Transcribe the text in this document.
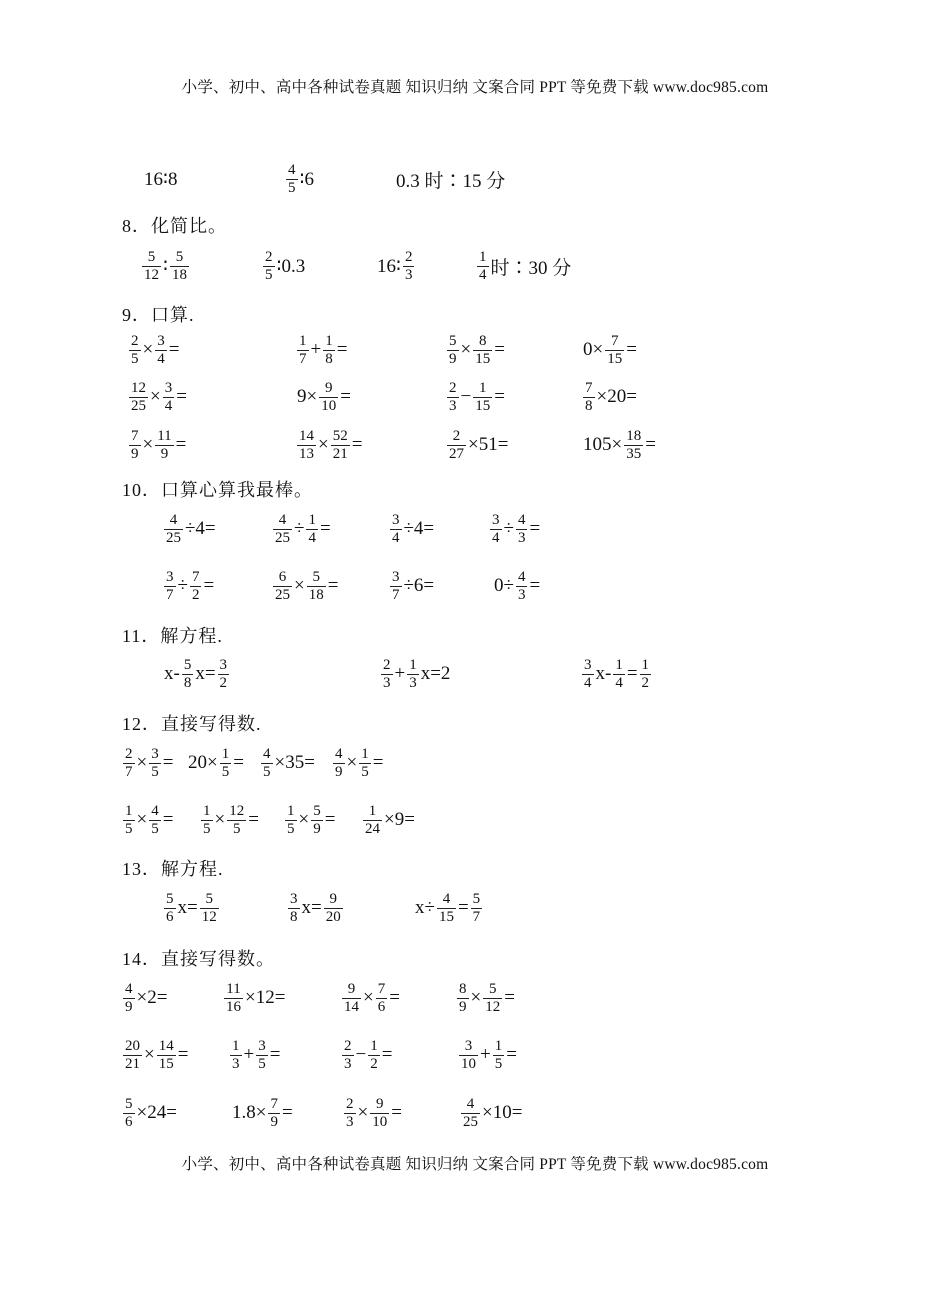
小学、初中、高中各种试卷真题 知识归纳 文案合同 PPT 等免费下载 www.doc985.com
16∶8	$\frac{4}{5}$ ∶6	0.3 时∶15 分
8．化简比。
$\frac{5}{12}$ ∶ $\frac{5}{18}$	$\frac{2}{5}$ ∶0.3	16∶ $\frac{2}{3}$	$\frac{1}{4}$ 时∶30 分
9．口算.
$\frac{2}{5} \times \frac{3}{4}$ =	$\frac{1}{7} + \frac{1}{8}$ =	$\frac{5}{9} \times \frac{8}{15}$ =	$0\times \frac{7}{15}$ =
$\frac{12}{25} \times \frac{3}{4}$ =	$9\times \frac{9}{10}$ =	$\frac{2}{3} - \frac{1}{15}$ =	$\frac{7}{8} \times 20=$
$\frac{7}{9} \times \frac{11}{9}$ =	$\frac{14}{13} \times \frac{52}{21}$ =	$\frac{2}{27} \times 51=$	$105\times \frac{18}{35}$ =
10．口算心算我最棒。
$\frac{4}{25} \div 4=$	$\frac{4}{25} \div \frac{1}{4}$ =	$\frac{3}{4} \div 4=$	$\frac{3}{4} \div \frac{4}{3}$ =
$\frac{3}{7} \div \frac{7}{2}$ =	$\frac{6}{25} \times \frac{5}{18}$ =	$\frac{3}{7} \div 6=$	$0\div \frac{4}{3}$ =
11．解方程.
$x- \frac{5}{8} x= \frac{3}{2}$	$\frac{2}{3} + \frac{1}{3} x=2$	$\frac{3}{4} x- \frac{1}{4} = \frac{1}{2}$
12．直接写得数.
$\frac{2}{7} \times \frac{3}{5} = 20\times \frac{1}{5} = \frac{4}{5} \times 35= \frac{4}{9} \times \frac{1}{5}$ =
$\frac{1}{5} \times \frac{4}{5} = \frac{1}{5} \times \frac{12}{5} = \frac{1}{5} \times \frac{5}{9} = \frac{1}{24} \times 9=$
13．解方程.
$\frac{5}{6} x= \frac{5}{12}$	$\frac{3}{8} x= \frac{9}{20}$	$x\div \frac{4}{15} = \frac{5}{7}$
14．直接写得数。
$\frac{4}{9} \times 2=$	$\frac{11}{16} \times 12=$	$\frac{9}{14} \times \frac{7}{6}$ =	$\frac{8}{9} \times \frac{5}{12}$ =
$\frac{20}{21} \times \frac{14}{15}$ =	$\frac{1}{3} + \frac{3}{5}$ =	$\frac{2}{3} - \frac{1}{2}$ =	$\frac{3}{10} + \frac{1}{5}$ =
$\frac{5}{6} \times 24=$	$1.8\times \frac{7}{9}$ =	$\frac{2}{3} \times \frac{9}{10}$ =	$\frac{4}{25} \times 10=$
小学、初中、高中各种试卷真题 知识归纳 文案合同 PPT 等免费下载 www.doc985.com
